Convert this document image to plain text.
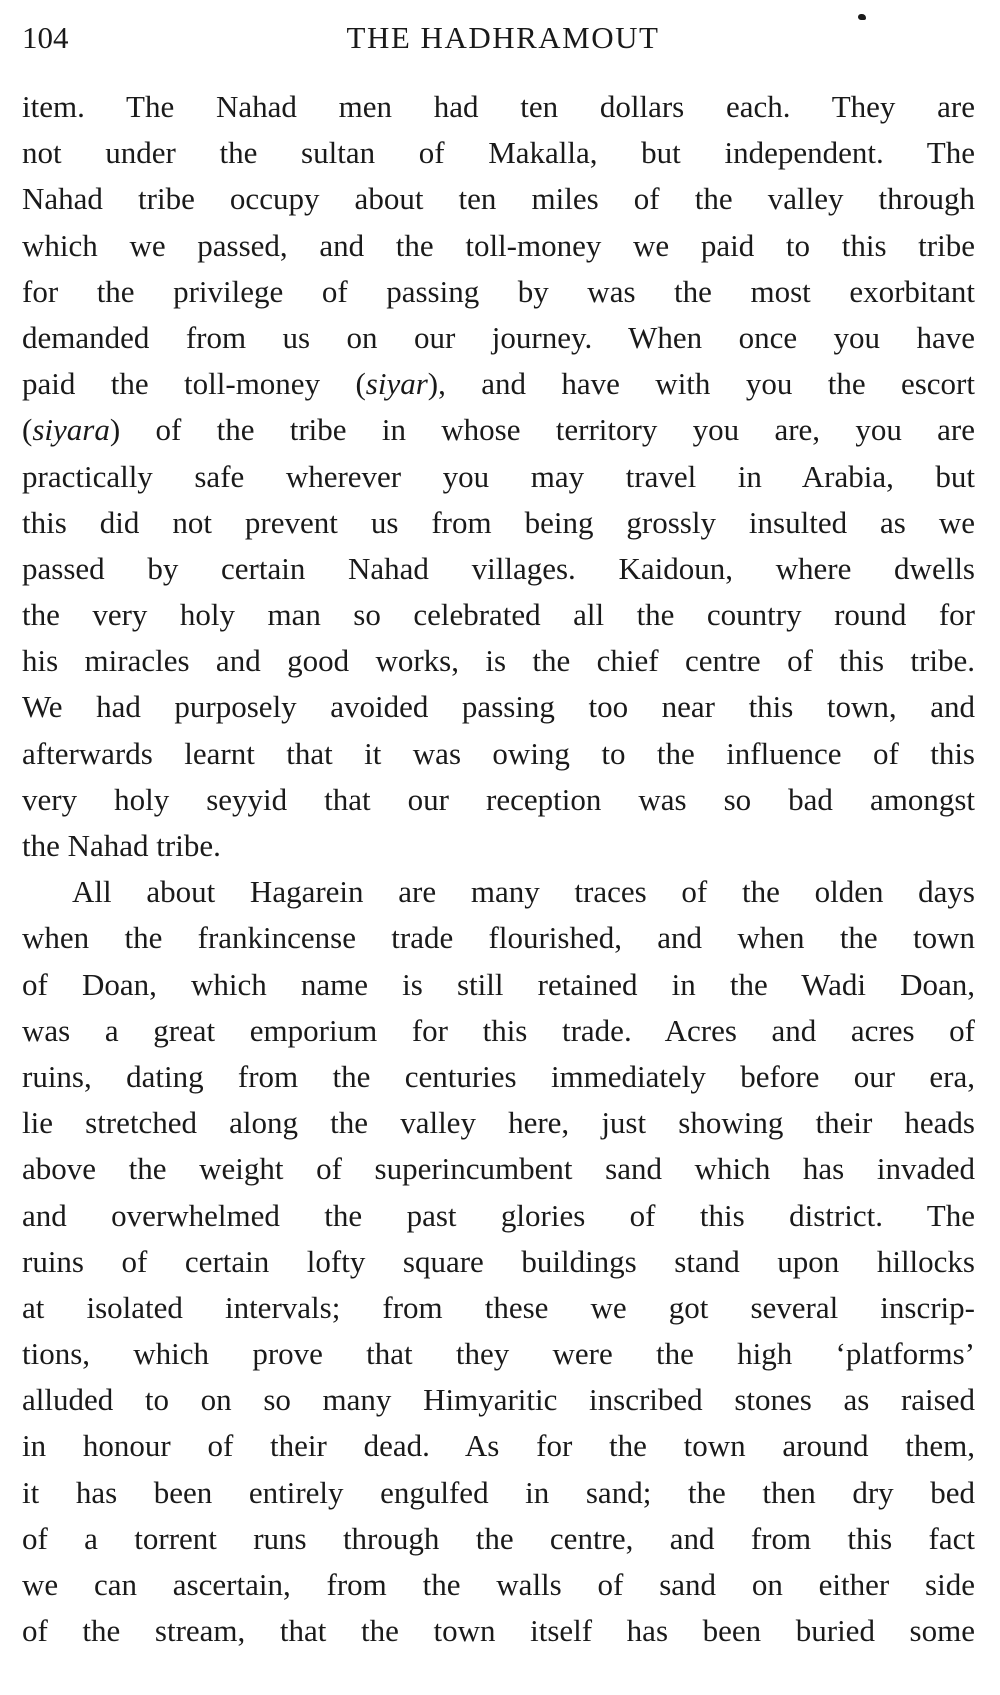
104	THE HADHRAMOUT
item. The Nahad men had ten dollars each. They are
not under the sultan of Makalla, but independent. The
Nahad tribe occupy about ten miles of the valley through
which we passed, and the toll-money we paid to this tribe
for the privilege of passing by was the most exorbitant
demanded from us on our journey. When once you have
paid the toll-money (siyar), and have with you the escort
(siyara) of the tribe in whose territory you are, you are
practically safe wherever you may travel in Arabia, but
this did not prevent us from being grossly insulted as we
passed by certain Nahad villages. Kaidoun, where dwells
the very holy man so celebrated all the country round for
his miracles and good works, is the chief centre of this tribe.
We had purposely avoided passing too near this town, and
afterwards learnt that it was owing to the influence of this
very holy seyyid that our reception was so bad amongst
the Nahad tribe.
All about Hagarein are many traces of the olden days
when the frankincense trade flourished, and when the town
of Doan, which name is still retained in the Wadi Doan,
was a great emporium for this trade. Acres and acres of
ruins, dating from the centuries immediately before our era,
lie stretched along the valley here, just showing their heads
above the weight of superincumbent sand which has invaded
and overwhelmed the past glories of this district. The
ruins of certain lofty square buildings stand upon hillocks
at isolated intervals; from these we got several inscrip-
tions, which prove that they were the high ‘platforms’
alluded to on so many Himyaritic inscribed stones as raised
in honour of their dead. As for the town around them,
it has been entirely engulfed in sand; the then dry bed
of a torrent runs through the centre, and from this fact
we can ascertain, from the walls of sand on either side
of the stream, that the town itself has been buried some
